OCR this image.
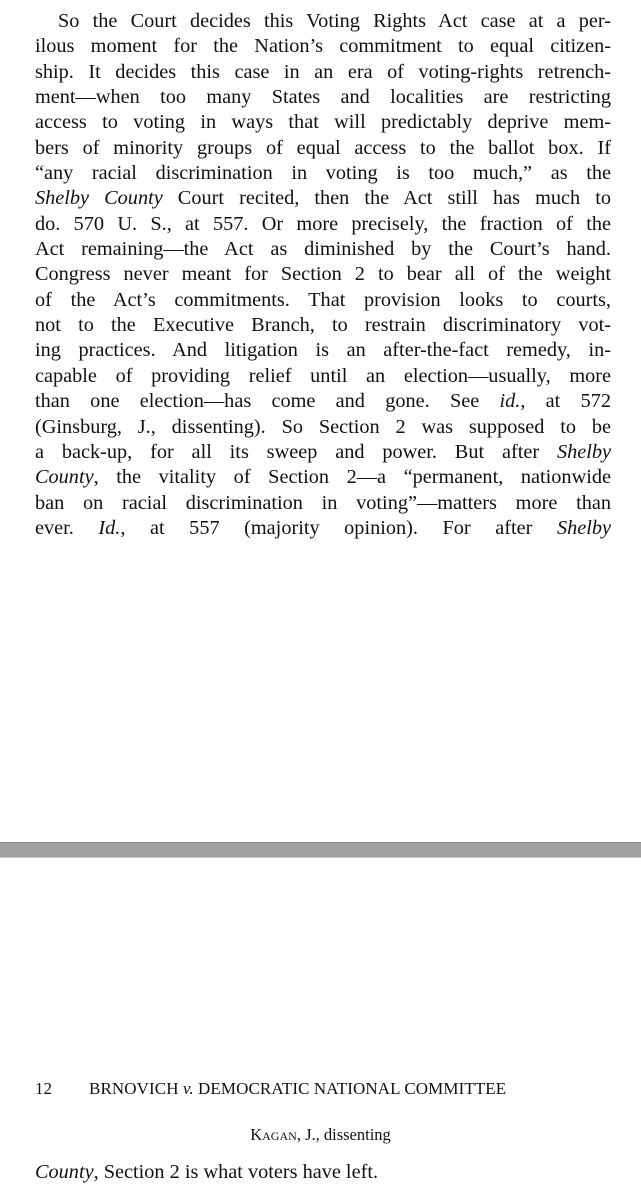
So the Court decides this Voting Rights Act case at a per-
ilous moment for the Nation’s commitment to equal citizen-
ship. It decides this case in an era of voting-rights retrench-
ment—when too many States and localities are restricting
access to voting in ways that will predictably deprive mem-
bers of minority groups of equal access to the ballot box. If
“any racial discrimination in voting is too much,” as the
Shelby County Court recited, then the Act still has much to
do. 570 U. S., at 557. Or more precisely, the fraction of the
Act remaining—the Act as diminished by the Court’s hand.
Congress never meant for Section 2 to bear all of the weight
of the Act’s commitments. That provision looks to courts,
not to the Executive Branch, to restrain discriminatory vot-
ing practices. And litigation is an after-the-fact remedy, in-
capable of providing relief until an election—usually, more
than one election—has come and gone. See id., at 572
(Ginsburg, J., dissenting). So Section 2 was supposed to be
a back-up, for all its sweep and power. But after Shelby
County, the vitality of Section 2—a “permanent, nationwide
ban on racial discrimination in voting”—matters more than
ever. Id., at 557 (majority opinion). For after Shelby
12 BRNOVICH v. DEMOCRATIC NATIONAL COMMITTEE
Kagan, J., dissenting
County, Section 2 is what voters have left.
